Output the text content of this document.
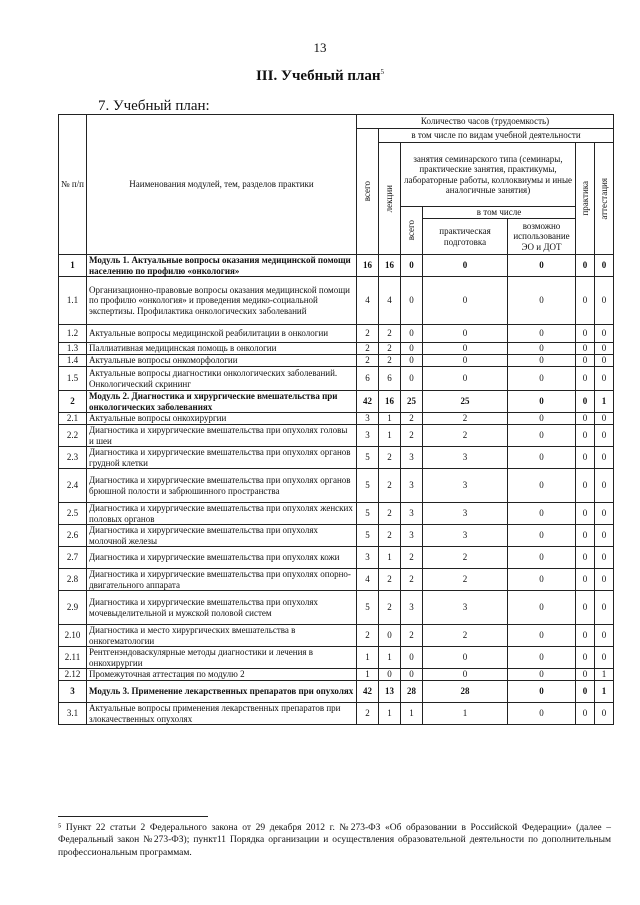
13
III. Учебный план$^5$
7. Учебный план:
№ п/п	Наименования модулей, тем, разделов практики	Количество часов (трудоемкость)						

		всего	в том числе по видам учебной деятельности					

			лекции	занятия семинарского типа (семинары, практические занятия, практикумы, лабораторные работы, коллоквиумы и иные аналогичные занятия)			практика	аттестация

				всего	в том числе			
					практическая подготовка	возможно использование ЭО и ДОТ		
1	Модуль 1. Актуальные вопросы оказания медицинской помощи населению по профилю «онкология»	16	16	0	0	0	0	0
1.1	Организационно-правовые вопросы оказания медицинской помощи по профилю «онкология» и проведения медико-социальной экспертизы. Профилактика онкологических заболеваний	4	4	0	0	0	0	0
1.2	Актуальные вопросы медицинской реабилитации в онкологии	2	2	0	0	0	0	0
1.3	Паллиативная медицинская помощь в онкологии	2	2	0	0	0	0	0
1.4	Актуальные вопросы онкоморфологии	2	2	0	0	0	0	0
1.5	Актуальные вопросы диагностики онкологических заболеваний. Онкологический скрининг	6	6	0	0	0	0	0
2	Модуль 2. Диагностика и хирургические вмешательства при онкологических заболеваниях	42	16	25	25	0	0	1
2.1	Актуальные вопросы онкохирургии	3	1	2	2	0	0	0
2.2	Диагностика и хирургические вмешательства при опухолях головы и шеи	3	1	2	2	0	0	0
2.3	Диагностика и хирургические вмешательства при опухолях органов грудной клетки	5	2	3	3	0	0	0
2.4	Диагностика и хирургические вмешательства при опухолях органов брюшной полости и забрюшинного пространства	5	2	3	3	0	0	0
2.5	Диагностика и хирургические вмешательства при опухолях женских половых органов	5	2	3	3	0	0	0
2.6	Диагностика и хирургические вмешательства при опухолях молочной железы	5	2	3	3	0	0	0
2.7	Диагностика и хирургические вмешательства при опухолях кожи	3	1	2	2	0	0	0
2.8	Диагностика и хирургические вмешательства при опухолях опорно-двигательного аппарата	4	2	2	2	0	0	0
2.9	Диагностика и хирургические вмешательства при опухолях мочевыделительной и мужской половой систем	5	2	3	3	0	0	0
2.10	Диагностика и место хирургических вмешательства в онкогематологии	2	0	2	2	0	0	0
2.11	Рентгенэндоваскулярные методы диагностики и лечения в онкохирургии	1	1	0	0	0	0	0
2.12	Промежуточная аттестация по модулю 2	1	0	0	0	0	0	1
3	Модуль 3. Применение лекарственных препаратов при опухолях	42	13	28	28	0	0	1
3.1	Актуальные вопросы применения лекарственных препаратов при злокачественных опухолях	2	1	1	1	0	0	0
⁵ Пункт 22 статьи 2 Федерального закона от 29 декабря 2012 г. №273-ФЗ «Об образовании в Российской Федерации» (далее – Федеральный закон №273-ФЗ); пункт11 Порядка организации и осуществления образовательной деятельности по дополнительным профессиональным программам.
